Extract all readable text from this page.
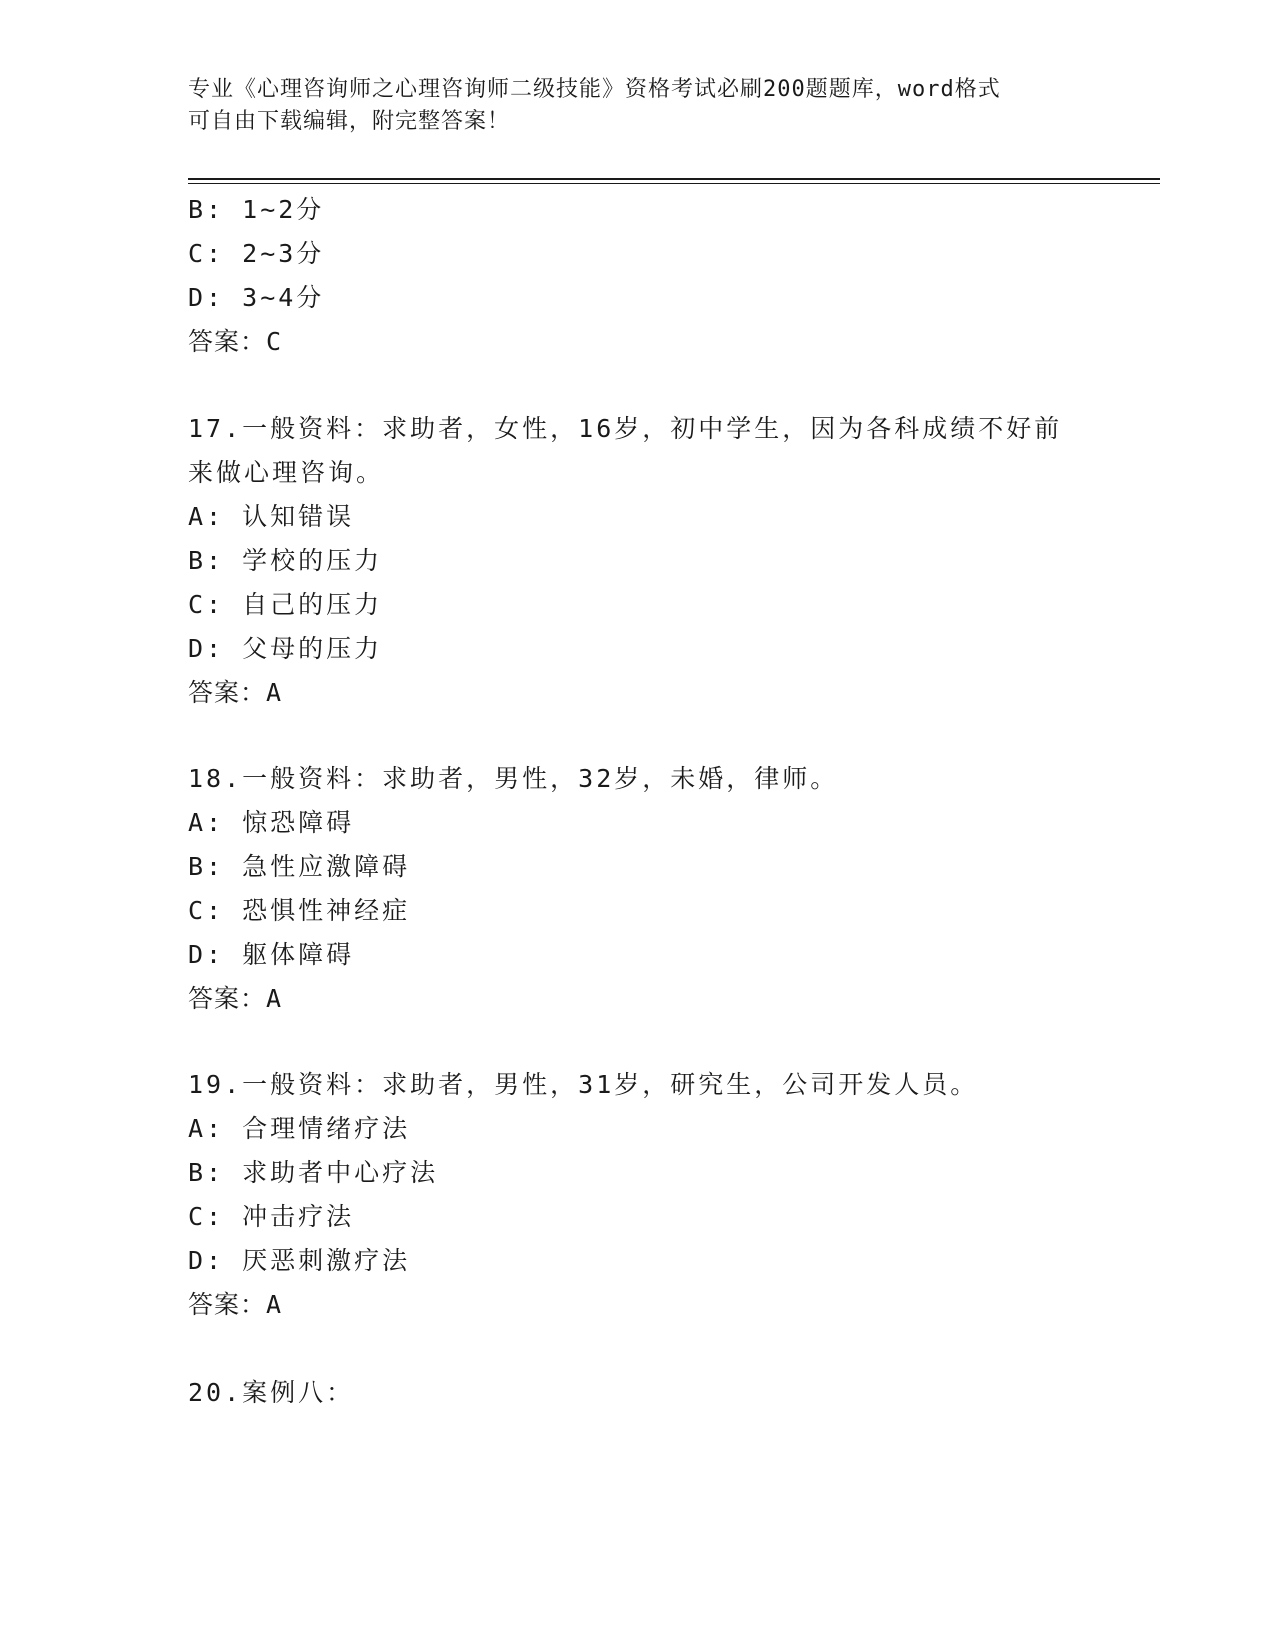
专业《心理咨询师之心理咨询师二级技能》资格考试必刷200题题库，word格式
可自由下载编辑，附完整答案！
B: 1~2分
C: 2~3分
D: 3~4分
答案：C
17.一般资料：求助者，女性，16岁，初中学生，因为各科成绩不好前
来做心理咨询。
A: 认知错误
B: 学校的压力
C: 自己的压力
D: 父母的压力
答案：A
18.一般资料：求助者，男性，32岁，未婚，律师。
A: 惊恐障碍
B: 急性应激障碍
C: 恐惧性神经症
D: 躯体障碍
答案：A
19.一般资料：求助者，男性，31岁，研究生，公司开发人员。
A: 合理情绪疗法
B: 求助者中心疗法
C: 冲击疗法
D: 厌恶刺激疗法
答案：A
20.案例八：
